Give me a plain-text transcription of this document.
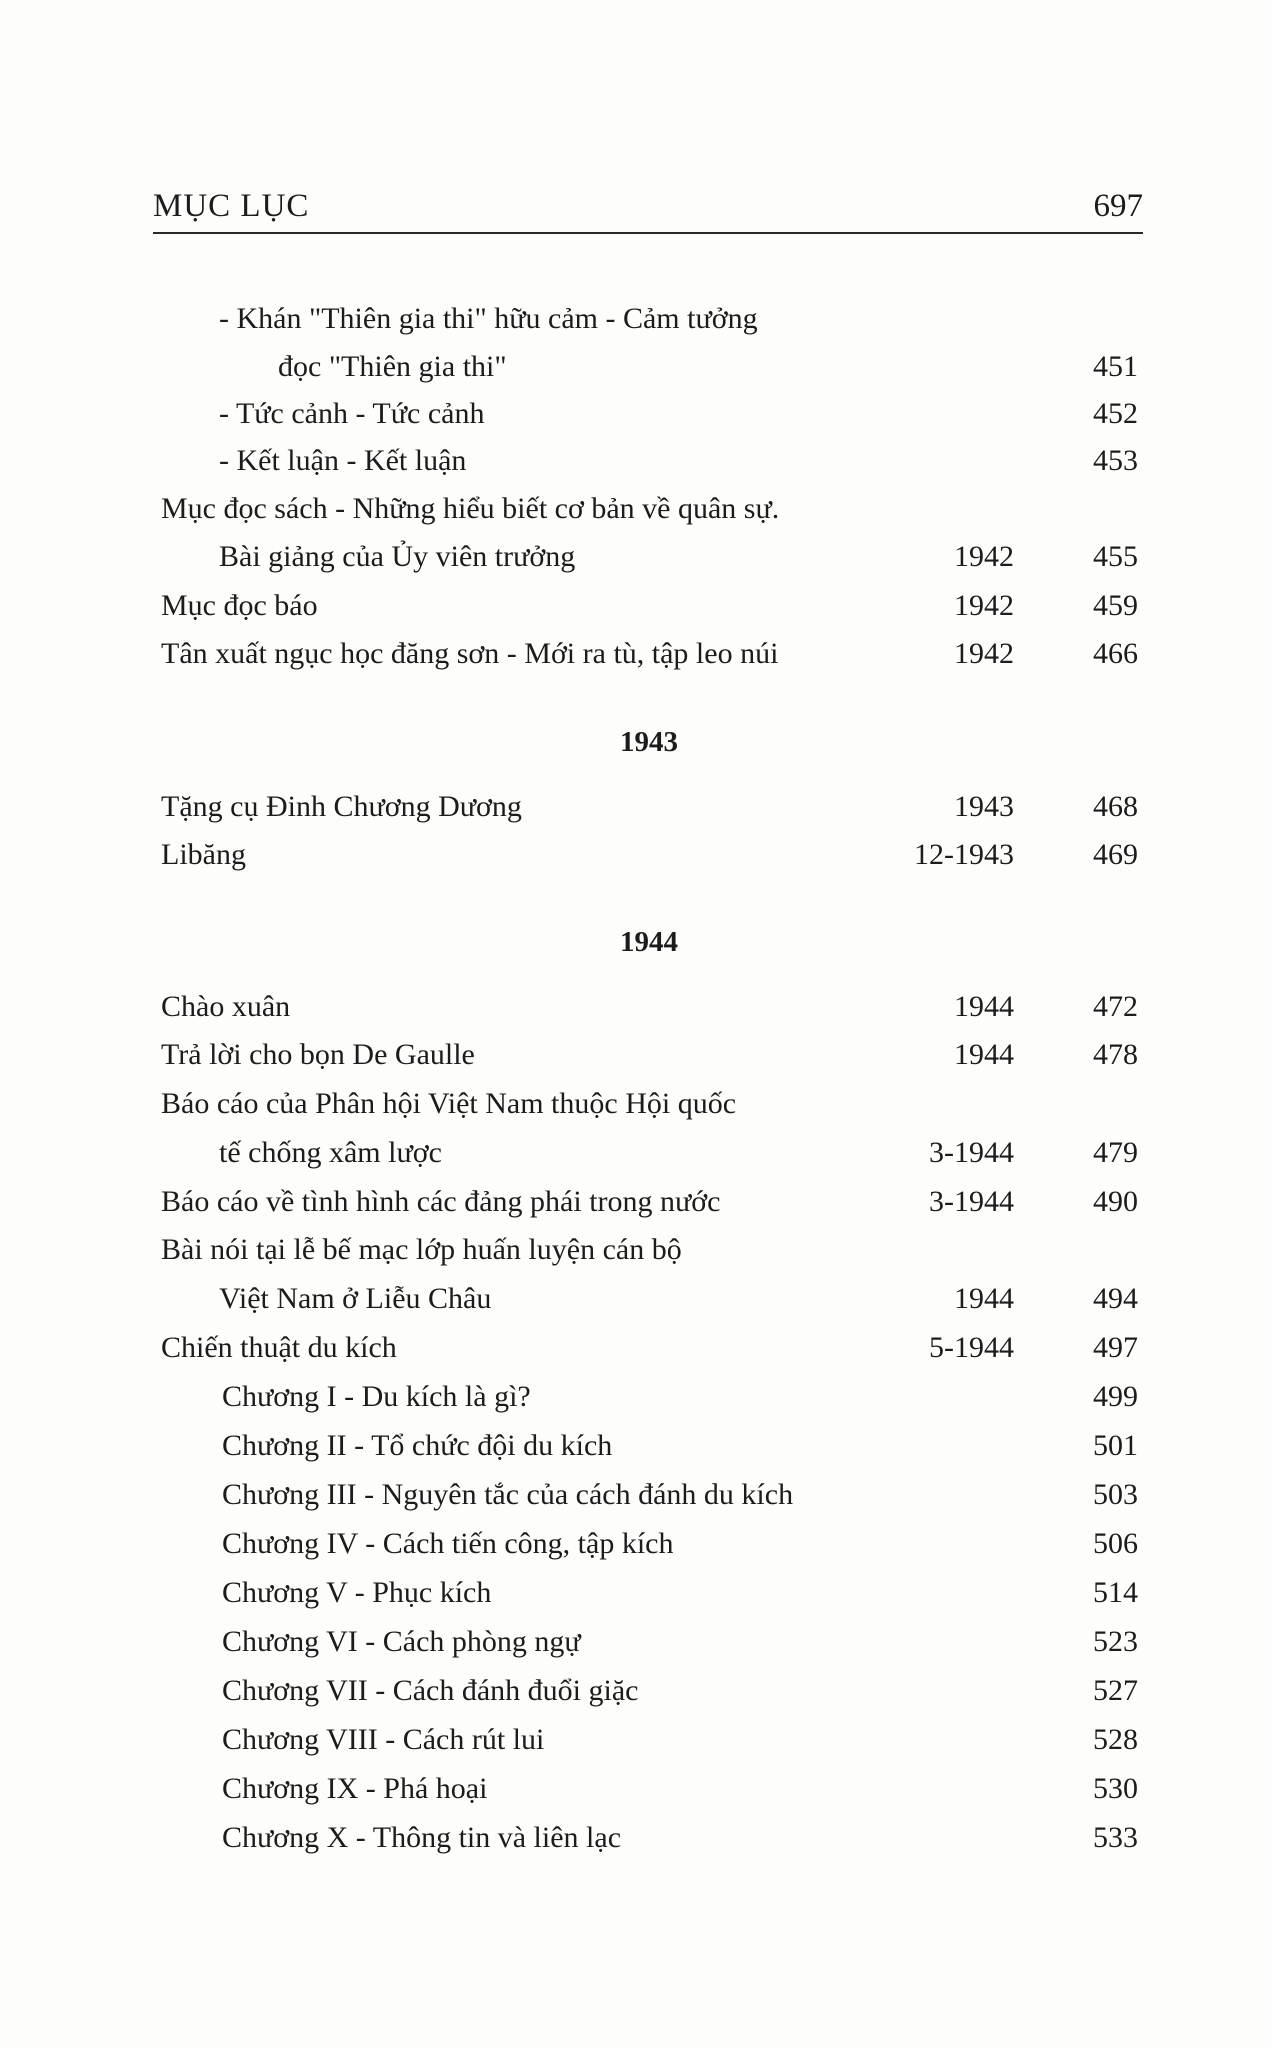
MỤC LỤC	697
- Khán "Thiên gia thi" hữu cảm - Cảm tưởng
đọc "Thiên gia thi"	451
- Tức cảnh - Tức cảnh	452
- Kết luận - Kết luận	453
Mục đọc sách - Những hiểu biết cơ bản về quân sự.
Bài giảng của Ủy viên trưởng	1942	455
Mục đọc báo	1942	459
Tân xuất ngục học đăng sơn - Mới ra tù, tập leo núi	1942	466
1943
Tặng cụ Đinh Chương Dương	1943	468
Libăng	12-1943	469
1944
Chào xuân	1944	472
Trả lời cho bọn De Gaulle	1944	478
Báo cáo của Phân hội Việt Nam thuộc Hội quốc
tế chống xâm lược	3-1944	479
Báo cáo về tình hình các đảng phái trong nước	3-1944	490
Bài nói tại lễ bế mạc lớp huấn luyện cán bộ
Việt Nam ở Liễu Châu	1944	494
Chiến thuật du kích	5-1944	497
Chương I - Du kích là gì?	499
Chương II - Tổ chức đội du kích	501
Chương III - Nguyên tắc của cách đánh du kích	503
Chương IV - Cách tiến công, tập kích	506
Chương V - Phục kích	514
Chương VI - Cách phòng ngự	523
Chương VII - Cách đánh đuổi giặc	527
Chương VIII - Cách rút lui	528
Chương IX - Phá hoại	530
Chương X - Thông tin và liên lạc	533
